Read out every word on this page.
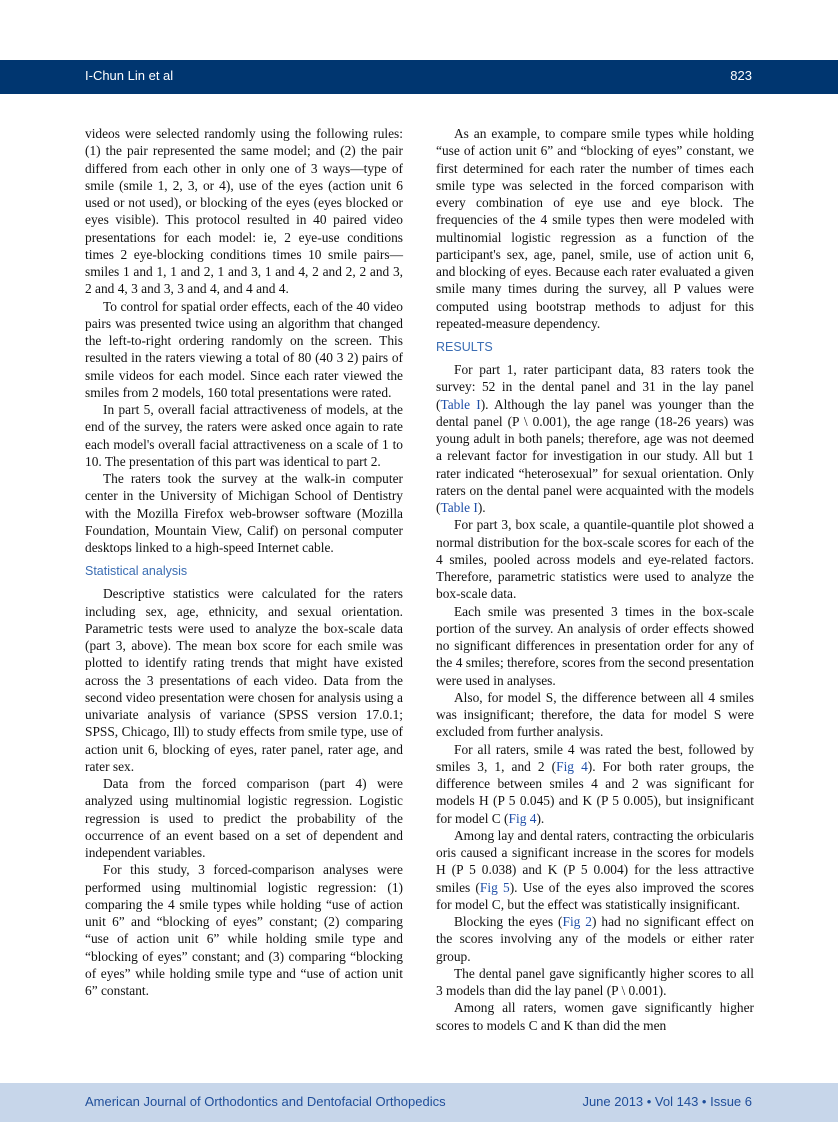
I-Chun Lin et al	823

videos were selected randomly using the following rules: (1) the pair represented the same model; and (2) the pair differed from each other in only one of 3 ways—type of smile (smile 1, 2, 3, or 4), use of the eyes (action unit 6 used or not used), or blocking of the eyes (eyes blocked or eyes visible). This protocol resulted in 40 paired video presentations for each model: ie, 2 eye-use conditions times 2 eye-blocking conditions times 10 smile pairs—smiles 1 and 1, 1 and 2, 1 and 3, 1 and 4, 2 and 2, 2 and 3, 2 and 4, 3 and 3, 3 and 4, and 4 and 4.

To control for spatial order effects, each of the 40 video pairs was presented twice using an algorithm that changed the left-to-right ordering randomly on the screen. This resulted in the raters viewing a total of 80 (40 3 2) pairs of smile videos for each model. Since each rater viewed the smiles from 2 models, 160 total presentations were rated.

In part 5, overall facial attractiveness of models, at the end of the survey, the raters were asked once again to rate each model's overall facial attractiveness on a scale of 1 to 10. The presentation of this part was identical to part 2.

The raters took the survey at the walk-in computer center in the University of Michigan School of Dentistry with the Mozilla Firefox web-browser software (Mozilla Foundation, Mountain View, Calif) on personal computer desktops linked to a high-speed Internet cable.

Statistical analysis

Descriptive statistics were calculated for the raters including sex, age, ethnicity, and sexual orientation. Parametric tests were used to analyze the box-scale data (part 3, above). The mean box score for each smile was plotted to identify rating trends that might have existed across the 3 presentations of each video. Data from the second video presentation were chosen for analysis using a univariate analysis of variance (SPSS version 17.0.1; SPSS, Chicago, Ill) to study effects from smile type, use of action unit 6, blocking of eyes, rater panel, rater age, and rater sex.

Data from the forced comparison (part 4) were analyzed using multinomial logistic regression. Logistic regression is used to predict the probability of the occurrence of an event based on a set of dependent and independent variables.

For this study, 3 forced-comparison analyses were performed using multinomial logistic regression: (1) comparing the 4 smile types while holding “use of action unit 6” and “blocking of eyes” constant; (2) comparing “use of action unit 6” while holding smile type and “blocking of eyes” constant; and (3) comparing “blocking of eyes” while holding smile type and “use of action unit 6” constant.

As an example, to compare smile types while holding “use of action unit 6” and “blocking of eyes” constant, we first determined for each rater the number of times each smile type was selected in the forced comparison with every combination of eye use and eye block. The frequencies of the 4 smile types then were modeled with multinomial logistic regression as a function of the participant's sex, age, panel, smile, use of action unit 6, and blocking of eyes. Because each rater evaluated a given smile many times during the survey, all P values were computed using bootstrap methods to adjust for this repeated-measure dependency.

RESULTS

For part 1, rater participant data, 83 raters took the survey: 52 in the dental panel and 31 in the lay panel (Table I). Although the lay panel was younger than the dental panel (P \ 0.001), the age range (18-26 years) was young adult in both panels; therefore, age was not deemed a relevant factor for investigation in our study. All but 1 rater indicated “heterosexual” for sexual orientation. Only raters on the dental panel were acquainted with the models (Table I).

For part 3, box scale, a quantile-quantile plot showed a normal distribution for the box-scale scores for each of the 4 smiles, pooled across models and eye-related factors. Therefore, parametric statistics were used to analyze the box-scale data.

Each smile was presented 3 times in the box-scale portion of the survey. An analysis of order effects showed no significant differences in presentation order for any of the 4 smiles; therefore, scores from the second presentation were used in analyses.

Also, for model S, the difference between all 4 smiles was insignificant; therefore, the data for model S were excluded from further analysis.

For all raters, smile 4 was rated the best, followed by smiles 3, 1, and 2 (Fig 4). For both rater groups, the difference between smiles 4 and 2 was significant for models H (P 5 0.045) and K (P 5 0.005), but insignificant for model C (Fig 4).

Among lay and dental raters, contracting the orbicularis oris caused a significant increase in the scores for models H (P 5 0.038) and K (P 5 0.004) for the less attractive smiles (Fig 5). Use of the eyes also improved the scores for model C, but the effect was statistically insignificant.

Blocking the eyes (Fig 2) had no significant effect on the scores involving any of the models or either rater group.

The dental panel gave significantly higher scores to all 3 models than did the lay panel (P \ 0.001).

Among all raters, women gave significantly higher scores to models C and K than did the men

American Journal of Orthodontics and Dentofacial Orthopedics	June 2013 • Vol 143 • Issue 6
